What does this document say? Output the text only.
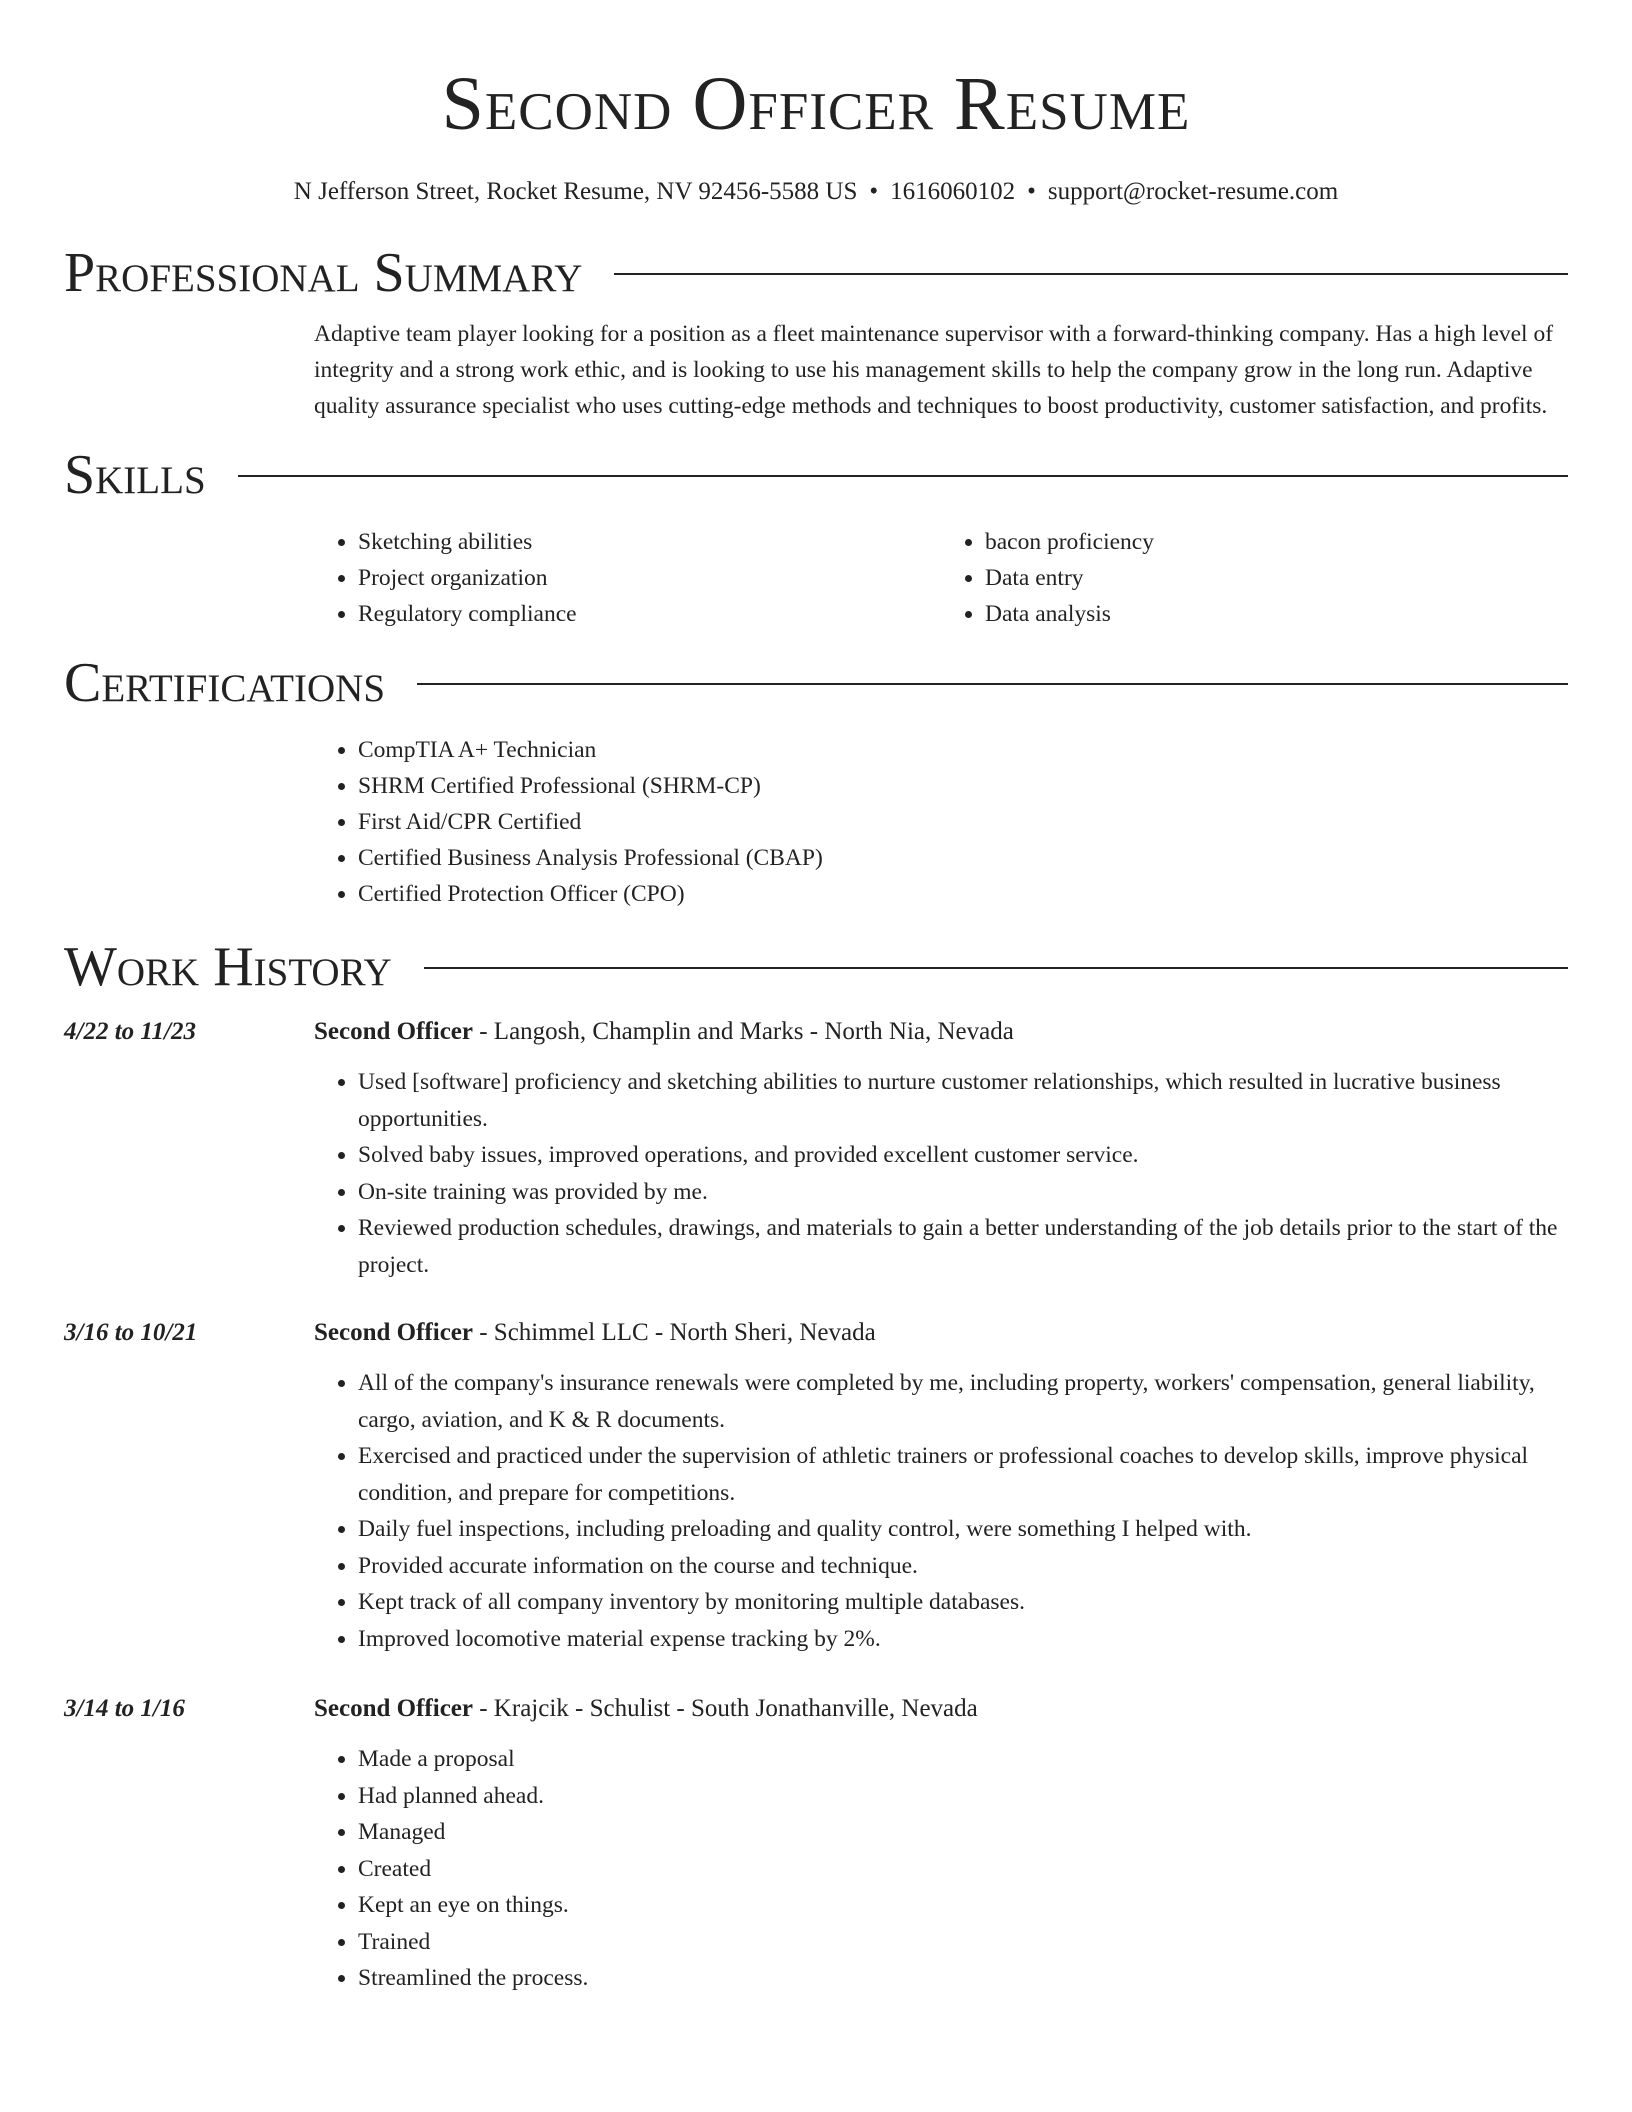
Second Officer Resume
N Jefferson Street, Rocket Resume, NV 92456-5588 US • 1616060102 • support@rocket-resume.com
Professional Summary
Adaptive team player looking for a position as a fleet maintenance supervisor with a forward-thinking company. Has a high level of integrity and a strong work ethic, and is looking to use his management skills to help the company grow in the long run. Adaptive quality assurance specialist who uses cutting-edge methods and techniques to boost productivity, customer satisfaction, and profits.
Skills
• Sketching abilities
• Project organization
• Regulatory compliance
• bacon proficiency
• Data entry
• Data analysis
Certifications
• CompTIA A+ Technician
• SHRM Certified Professional (SHRM-CP)
• First Aid/CPR Certified
• Certified Business Analysis Professional (CBAP)
• Certified Protection Officer (CPO)
Work History
4/22 to 11/23	Second Officer - Langosh, Champlin and Marks - North Nia, Nevada
• Used [software] proficiency and sketching abilities to nurture customer relationships, which resulted in lucrative business opportunities.
• Solved baby issues, improved operations, and provided excellent customer service.
• On-site training was provided by me.
• Reviewed production schedules, drawings, and materials to gain a better understanding of the job details prior to the start of the project.
3/16 to 10/21	Second Officer - Schimmel LLC - North Sheri, Nevada
• All of the company's insurance renewals were completed by me, including property, workers' compensation, general liability, cargo, aviation, and K & R documents.
• Exercised and practiced under the supervision of athletic trainers or professional coaches to develop skills, improve physical condition, and prepare for competitions.
• Daily fuel inspections, including preloading and quality control, were something I helped with.
• Provided accurate information on the course and technique.
• Kept track of all company inventory by monitoring multiple databases.
• Improved locomotive material expense tracking by 2%.
3/14 to 1/16	Second Officer - Krajcik - Schulist - South Jonathanville, Nevada
• Made a proposal
• Had planned ahead.
• Managed
• Created
• Kept an eye on things.
• Trained
• Streamlined the process.
